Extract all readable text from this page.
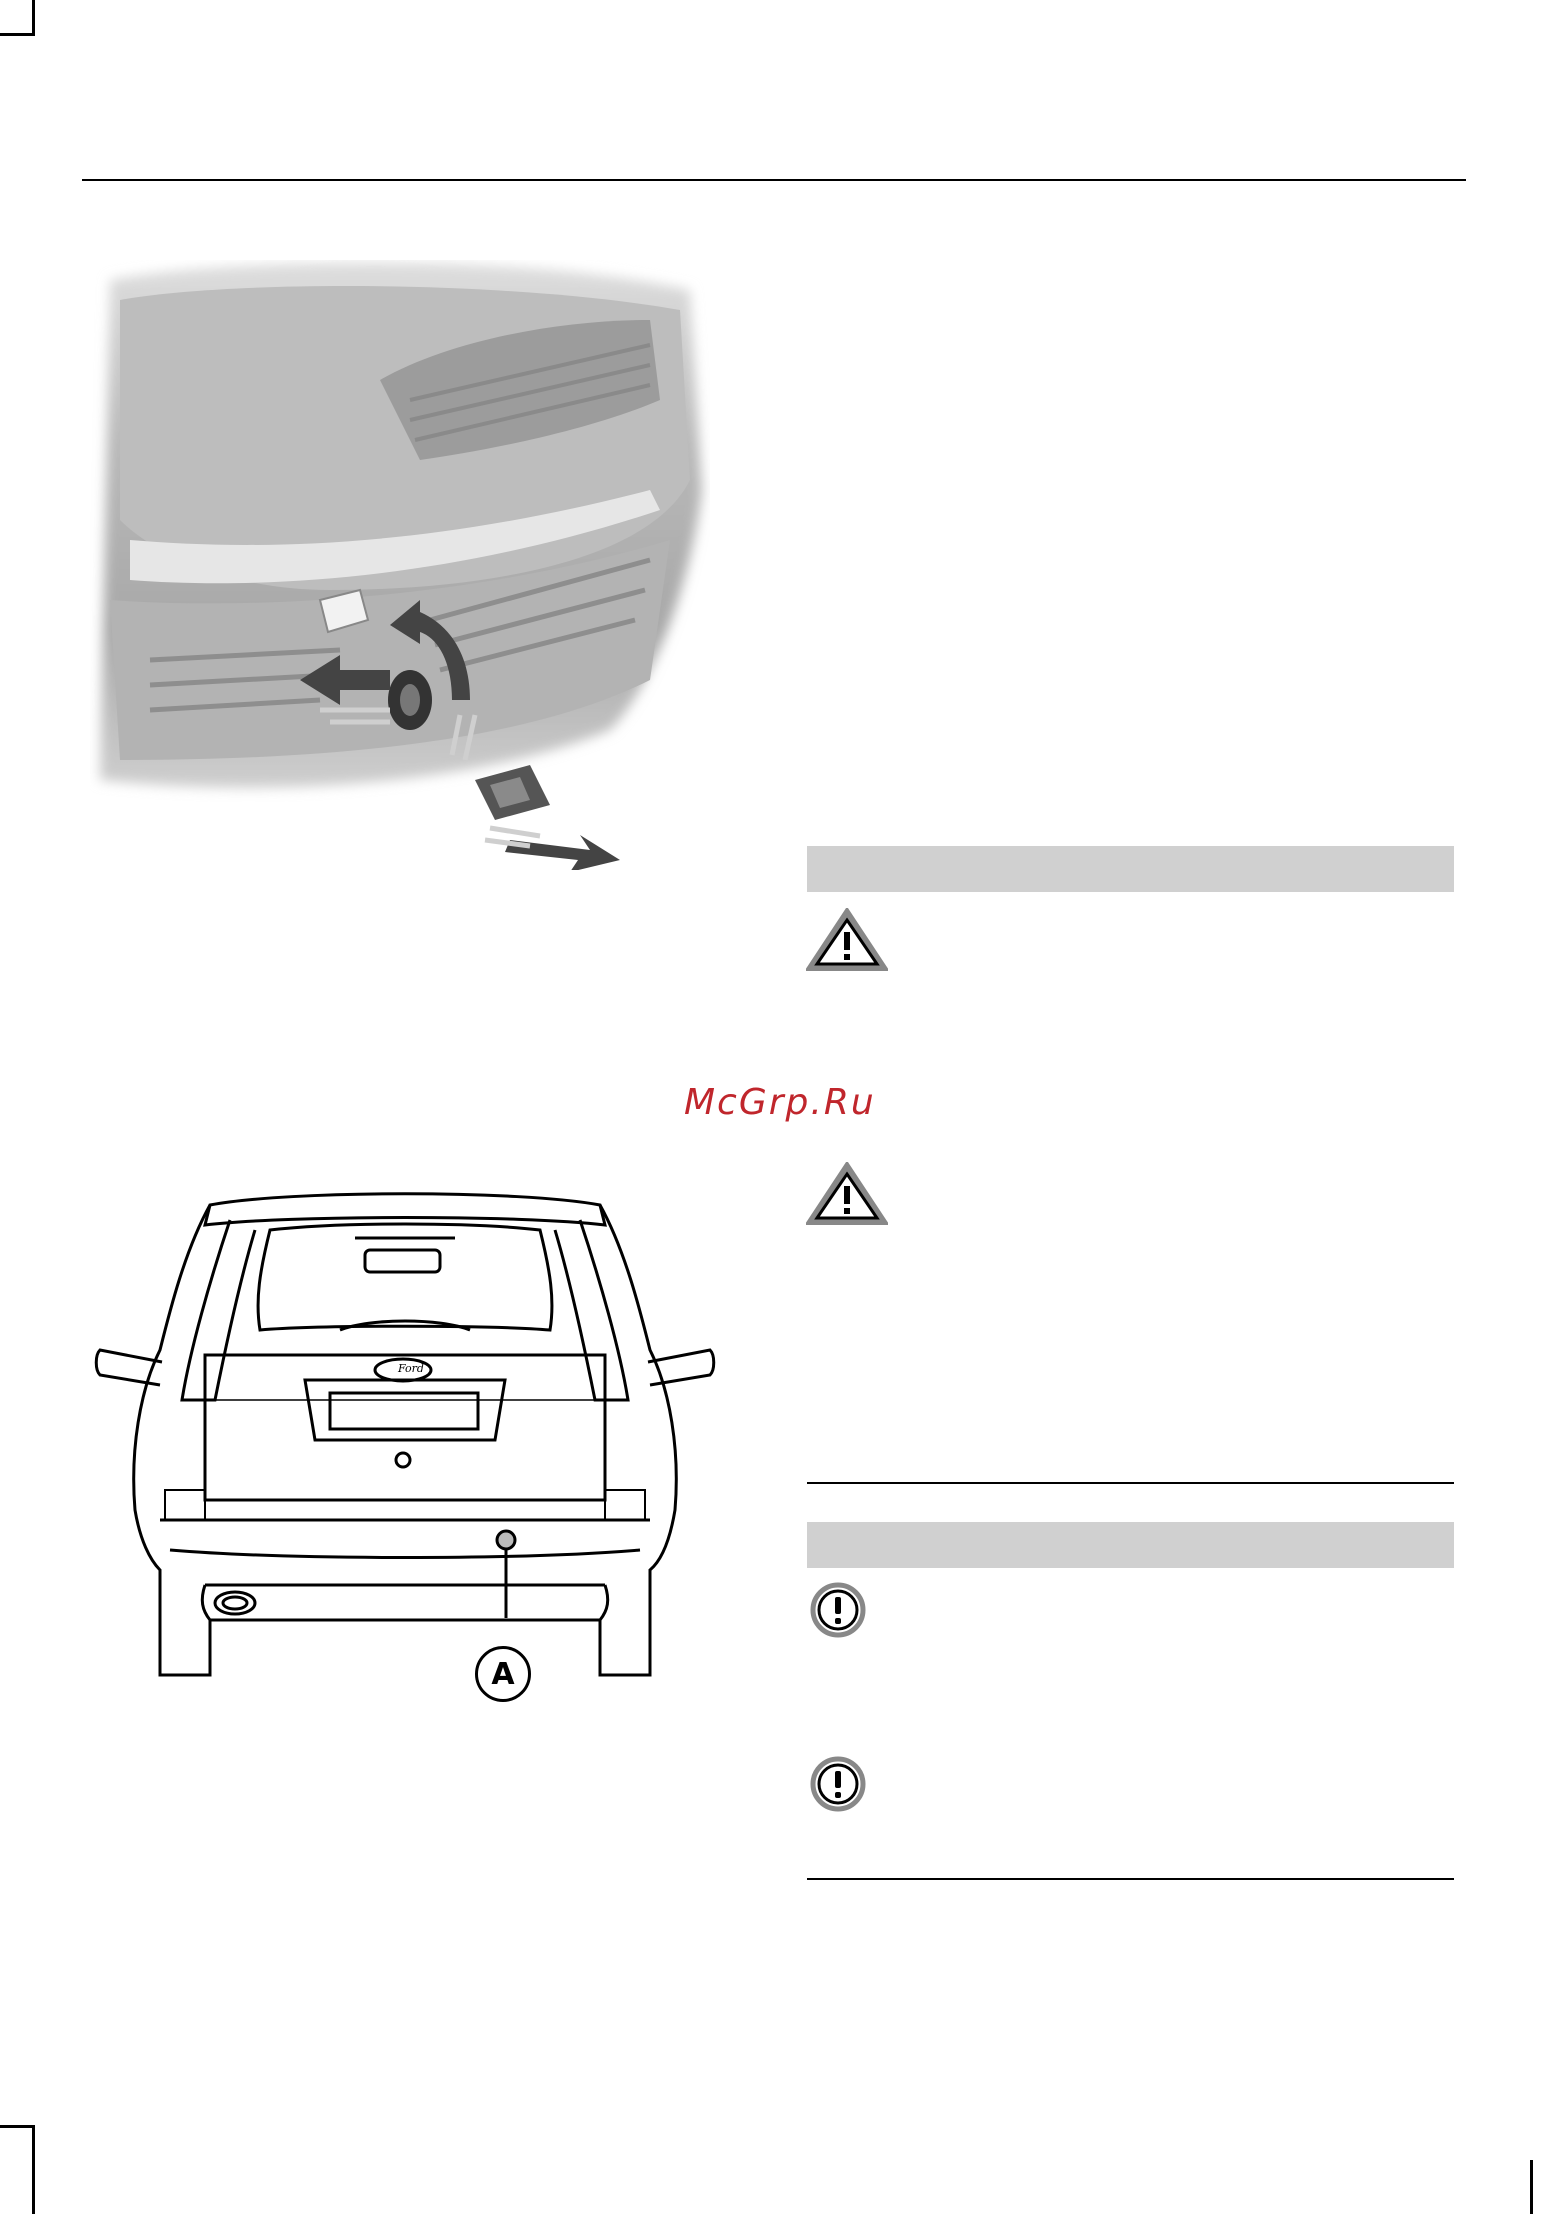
Ford
A
McGrp.Ru
